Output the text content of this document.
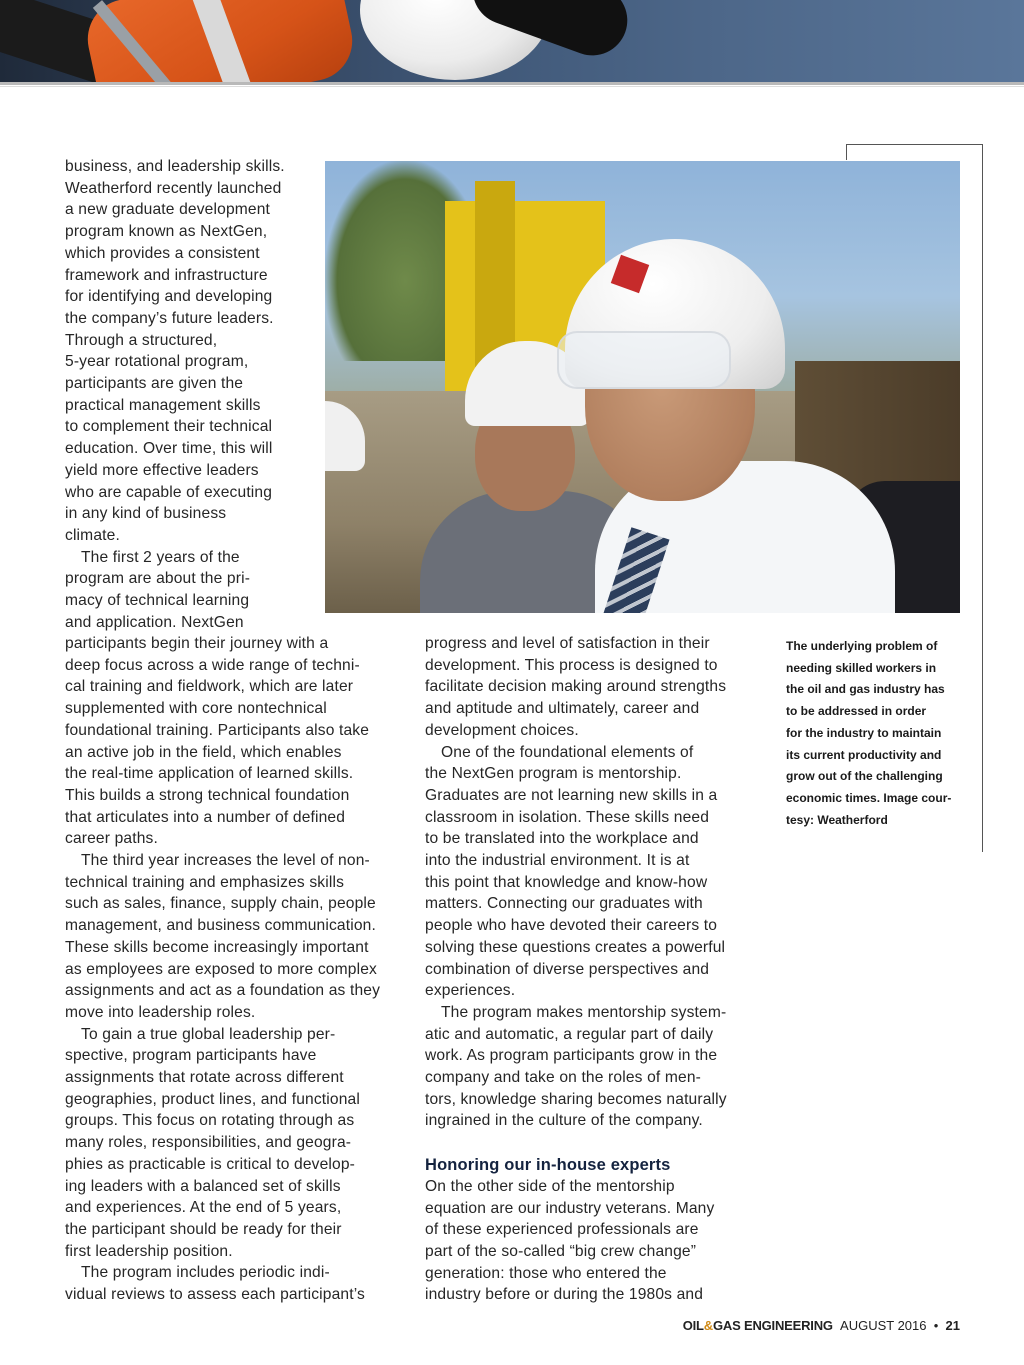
business, and leadership skills.
Weatherford recently launched
a new graduate development
program known as NextGen,
which provides a consistent
framework and infrastructure
for identifying and developing
the company’s future leaders.
Through a structured,
5-year rotational program,
participants are given the
practical management skills
to complement their technical
education. Over time, this will
yield more effective leaders
who are capable of executing
in any kind of business
climate.
The first 2 years of the
program are about the pri-
macy of technical learning
and application. NextGen
participants begin their journey with a
deep focus across a wide range of techni-
cal training and fieldwork, which are later
supplemented with core nontechnical
foundational training. Participants also take
an active job in the field, which enables
the real-time application of learned skills.
This builds a strong technical foundation
that articulates into a number of defined
career paths.
The third year increases the level of non-
technical training and emphasizes skills
such as sales, finance, supply chain, people
management, and business communication.
These skills become increasingly important
as employees are exposed to more complex
assignments and act as a foundation as they
move into leadership roles.
To gain a true global leadership per-
spective, program participants have
assignments that rotate across different
geographies, product lines, and functional
groups. This focus on rotating through as
many roles, responsibilities, and geogra-
phies as practicable is critical to develop-
ing leaders with a balanced set of skills
and experiences. At the end of 5 years,
the participant should be ready for their
first leadership position.
The program includes periodic indi-
vidual reviews to assess each participant’s
progress and level of satisfaction in their
development. This process is designed to
facilitate decision making around strengths
and aptitude and ultimately, career and
development choices.
One of the foundational elements of
the NextGen program is mentorship.
Graduates are not learning new skills in a
classroom in isolation. These skills need
to be translated into the workplace and
into the industrial environment. It is at
this point that knowledge and know-how
matters. Connecting our graduates with
people who have devoted their careers to
solving these questions creates a powerful
combination of diverse perspectives and
experiences.
The program makes mentorship system-
atic and automatic, a regular part of daily
work. As program participants grow in the
company and take on the roles of men-
tors, knowledge sharing becomes naturally
ingrained in the culture of the company.

Honoring our in-house experts

On the other side of the mentorship
equation are our industry veterans. Many
of these experienced professionals are
part of the so-called “big crew change”
generation: those who entered the
industry before or during the 1980s and
The underlying problem of
needing skilled workers in
the oil and gas industry has
to be addressed in order
for the industry to maintain
its current productivity and
grow out of the challenging
economic times. Image cour-
tesy: Weatherford
OIL&GAS ENGINEERING AUGUST 2016 • 21
